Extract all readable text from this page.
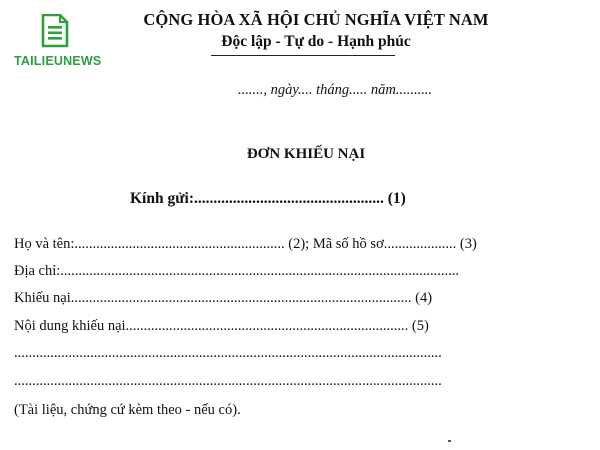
TAILIEUNEWS
CỘNG HÒA XÃ HỘI CHỦ NGHĨA VIỆT NAM
Độc lập - Tự do - Hạnh phúc
......., ngày.... tháng..... năm..........
ĐƠN KHIẾU NẠI
Kính gửi:................................................. (1)
Họ và tên:.......................................................... (2); Mã số hồ sơ.................... (3)
Địa chỉ:..............................................................................................................
Khiếu nại.............................................................................................. (4)
Nội dung khiếu nại.............................................................................. (5)
......................................................................................................................
......................................................................................................................
(Tài liệu, chứng cứ kèm theo - nếu có).
